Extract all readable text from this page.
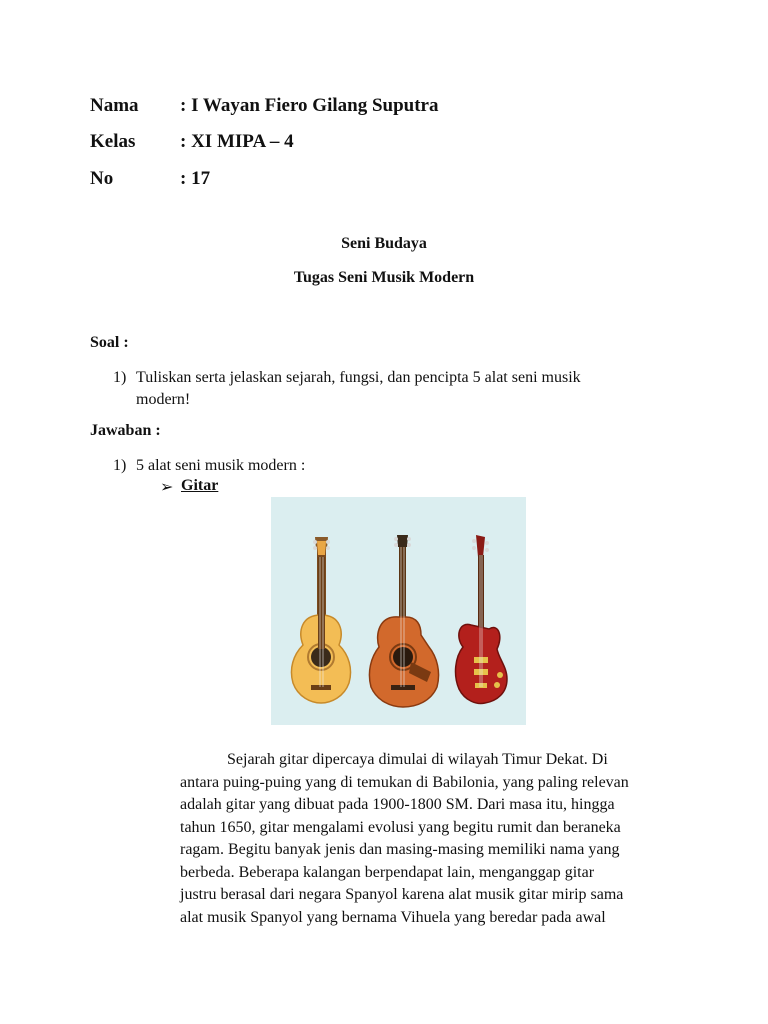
Nama : I Wayan Fiero Gilang Suputra
Kelas : XI MIPA – 4
No	: 17
Seni Budaya
Tugas Seni Musik Modern
Soal :
1) Tuliskan serta jelaskan sejarah, fungsi, dan pencipta 5 alat seni musik
modern!
Jawaban :
1) 5 alat seni musik modern :
➢ Gitar
Sejarah gitar dipercaya dimulai di wilayah Timur Dekat. Di
antara puing-puing yang di temukan di Babilonia, yang paling relevan
adalah gitar yang dibuat pada 1900-1800 SM. Dari masa itu, hingga
tahun 1650, gitar mengalami evolusi yang begitu rumit dan beraneka
ragam. Begitu banyak jenis dan masing-masing memiliki nama yang
berbeda. Beberapa kalangan berpendapat lain, menganggap gitar
justru berasal dari negara Spanyol karena alat musik gitar mirip sama
alat musik Spanyol yang bernama Vihuela yang beredar pada awal
